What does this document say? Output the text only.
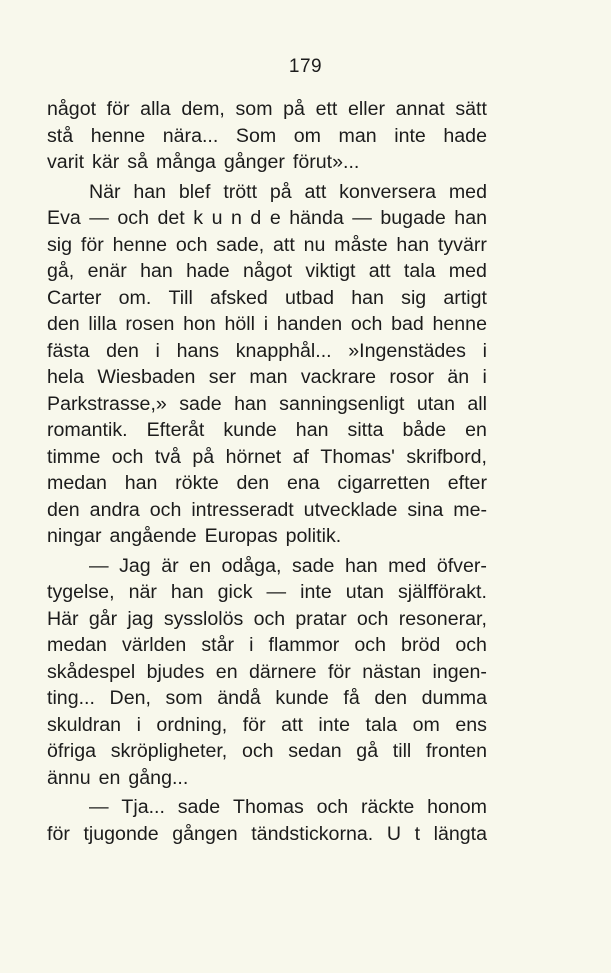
179
något för alla dem, som på ett eller annat sätt
stå henne nära... Som om man inte hade
varit kär så många gånger förut»...
När han blef trött på att konversera med
Eva — och det k u n d e hända — bugade han
sig för henne och sade, att nu måste han tyvärr
gå, enär han hade något viktigt att tala med
Carter om. Till afsked utbad han sig artigt
den lilla rosen hon höll i handen och bad henne
fästa den i hans knapphål... »Ingenstädes i
hela Wiesbaden ser man vackrare rosor än i
Parkstrasse,» sade han sanningsenligt utan all
romantik. Efteråt kunde han sitta både en
timme och två på hörnet af Thomas' skrifbord,
medan han rökte den ena cigarretten efter
den andra och intresseradt utvecklade sina me-
ningar angående Europas politik.
— Jag är en odåga, sade han med öfver-
tygelse, när han gick — inte utan själfförakt.
Här går jag sysslolös och pratar och resonerar,
medan världen står i flammor och bröd och
skådespel bjudes en därnere för nästan ingen-
ting... Den, som ändå kunde få den dumma
skuldran i ordning, för att inte tala om ens
öfriga skröpligheter, och sedan gå till fronten
ännu en gång...
— Tja... sade Thomas och räckte honom
för tjugonde gången tändstickorna. U t längta
